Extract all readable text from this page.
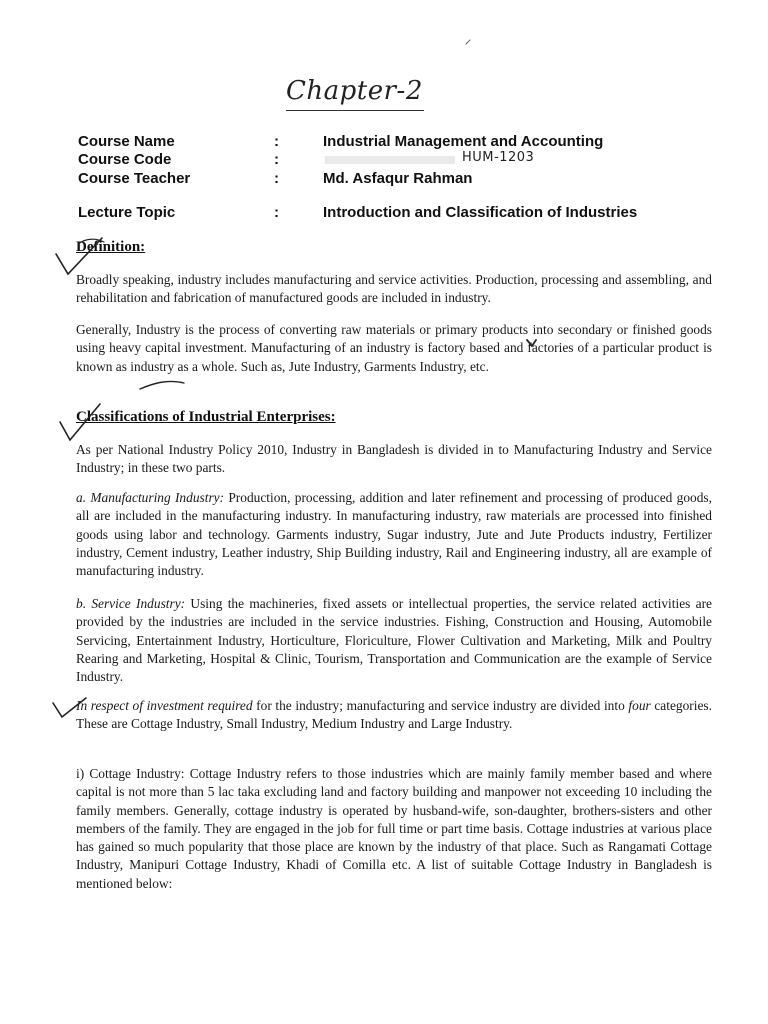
Chapter-2
Course Name	:	Industrial Management and Accounting
Course Code	:	HUM-1203
Course Teacher	:	Md. Asfaqur Rahman
Lecture Topic	:	Introduction and Classification of Industries
Definition:
Broadly speaking, industry includes manufacturing and service activities. Production, processing and assembling, and rehabilitation and fabrication of manufactured goods are included in industry.
Generally, Industry is the process of converting raw materials or primary products into secondary or finished goods using heavy capital investment. Manufacturing of an industry is factory based and factories of a particular product is known as industry as a whole. Such as, Jute Industry, Garments Industry, etc.
Classifications of Industrial Enterprises:
As per National Industry Policy 2010, Industry in Bangladesh is divided in to Manufacturing Industry and Service Industry; in these two parts.
a. Manufacturing Industry: Production, processing, addition and later refinement and processing of produced goods, all are included in the manufacturing industry. In manufacturing industry, raw materials are processed into finished goods using labor and technology. Garments industry, Sugar industry, Jute and Jute Products industry, Fertilizer industry, Cement industry, Leather industry, Ship Building industry, Rail and Engineering industry, all are example of manufacturing industry.
b. Service Industry: Using the machineries, fixed assets or intellectual properties, the service related activities are provided by the industries are included in the service industries. Fishing, Construction and Housing, Automobile Servicing, Entertainment Industry, Horticulture, Floriculture, Flower Cultivation and Marketing, Milk and Poultry Rearing and Marketing, Hospital & Clinic, Tourism, Transportation and Communication are the example of Service Industry.
In respect of investment required for the industry; manufacturing and service industry are divided into four categories. These are Cottage Industry, Small Industry, Medium Industry and Large Industry.
i) Cottage Industry: Cottage Industry refers to those industries which are mainly family member based and where capital is not more than 5 lac taka excluding land and factory building and manpower not exceeding 10 including the family members. Generally, cottage industry is operated by husband-wife, son-daughter, brothers-sisters and other members of the family. They are engaged in the job for full time or part time basis. Cottage industries at various place has gained so much popularity that those place are known by the industry of that place. Such as Rangamati Cottage Industry, Manipuri Cottage Industry, Khadi of Comilla etc. A list of suitable Cottage Industry in Bangladesh is mentioned below:
